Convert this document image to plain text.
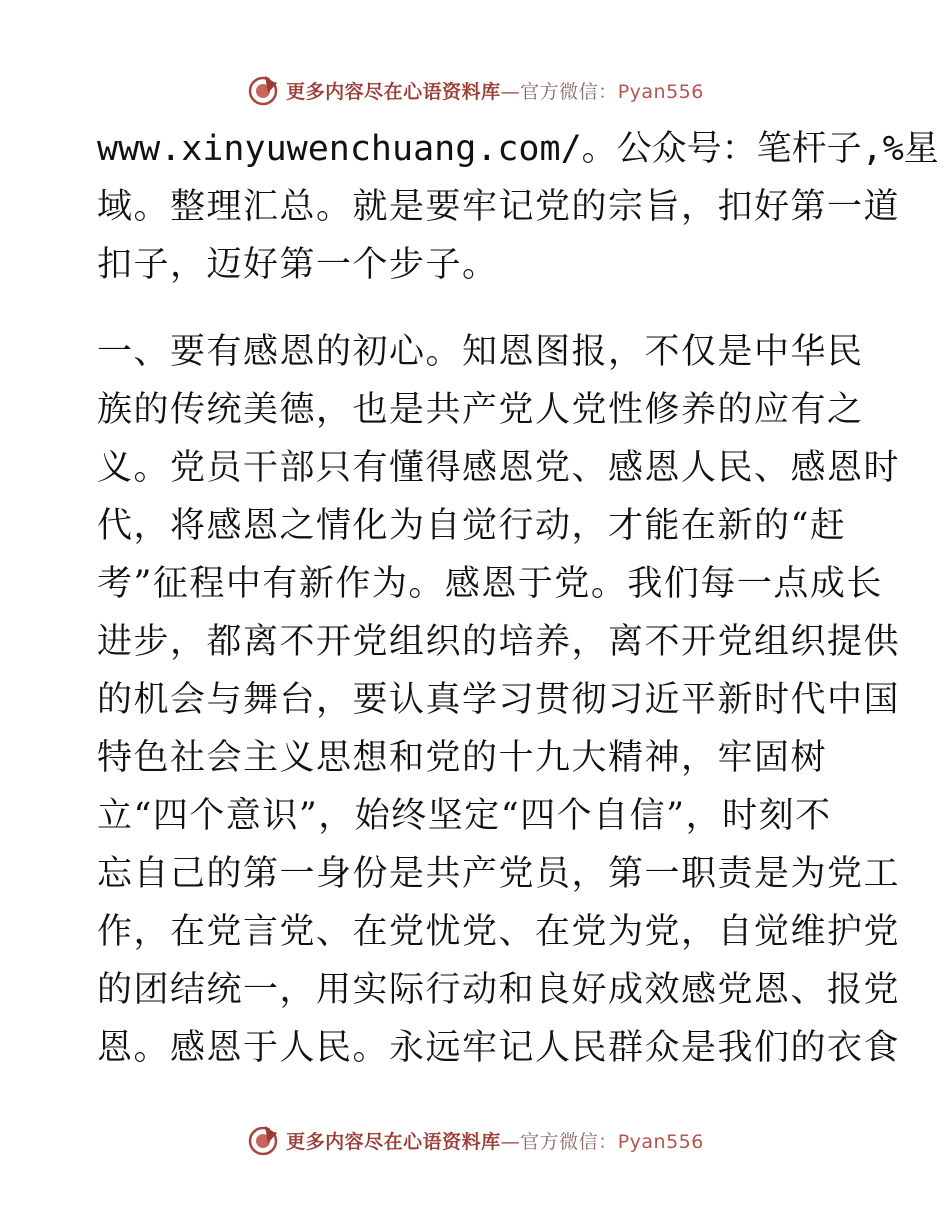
更多内容尽在心语资料库—官方微信：Pyan556
www.xinyuwenchuang.com/。公众号：笔杆子,%星
域。整理汇总。就是要牢记党的宗旨，扣好第一道
扣子，迈好第一个步子。
一、要有感恩的初心。知恩图报，不仅是中华民
族的传统美德，也是共产党人党性修养的应有之
义。党员干部只有懂得感恩党、感恩人民、感恩时
代，将感恩之情化为自觉行动，才能在新的“赶
考”征程中有新作为。感恩于党。我们每一点成长
进步，都离不开党组织的培养，离不开党组织提供
的机会与舞台，要认真学习贯彻习近平新时代中国
特色社会主义思想和党的十九大精神，牢固树
立“四个意识”，始终坚定“四个自信”，时刻不
忘自己的第一身份是共产党员，第一职责是为党工
作，在党言党、在党忧党、在党为党，自觉维护党
的团结统一，用实际行动和良好成效感党恩、报党
恩。感恩于人民。永远牢记人民群众是我们的衣食
更多内容尽在心语资料库—官方微信：Pyan556
